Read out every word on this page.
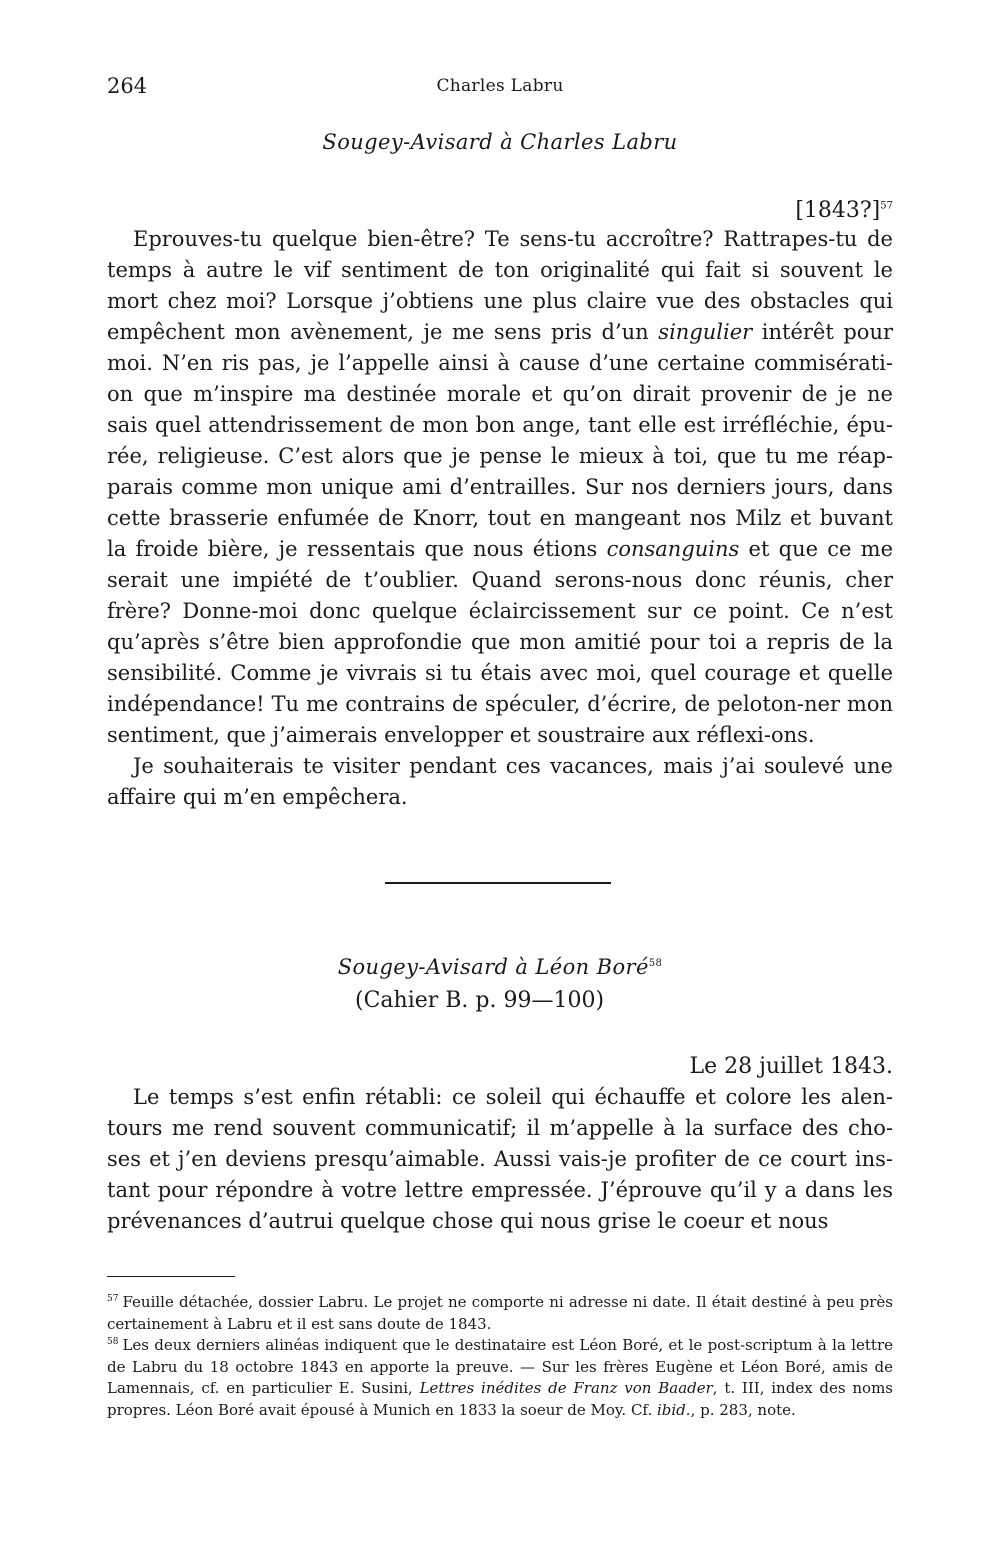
264	Charles Labru
Sougey-Avisard à Charles Labru
[1843?]$^{57}$

Eprouves-tu quelque bien-être? Te sens-tu accroître? Rattrapes-tu de temps à autre le vif sentiment de ton originalité qui fait si souvent le mort chez moi? Lorsque j’obtiens une plus claire vue des obstacles qui empêchent mon avènement, je me sens pris d’un singulier intérêt pour moi. N’en ris pas, je l’appelle ainsi à cause d’une certaine commisérati-on que m’inspire ma destinée morale et qu’on dirait provenir de je ne sais quel attendrissement de mon bon ange, tant elle est irréfléchie, épu-rée, religieuse. C’est alors que je pense le mieux à toi, que tu me réap-parais comme mon unique ami d’entrailles. Sur nos derniers jours, dans cette brasserie enfumée de Knorr, tout en mangeant nos Milz et buvant la froide bière, je ressentais que nous étions consanguins et que ce me serait une impiété de t’oublier. Quand serons-nous donc réunis, cher frère? Donne-moi donc quelque éclaircissement sur ce point. Ce n’est qu’après s’être bien approfondie que mon amitié pour toi a repris de la sensibilité. Comme je vivrais si tu étais avec moi, quel courage et quelle indépendance! Tu me contrains de spéculer, d’écrire, de peloton-ner mon sentiment, que j’aimerais envelopper et soustraire aux réflexi-ons.

Je souhaiterais te visiter pendant ces vacances, mais j’ai soulevé une affaire qui m’en empêchera.

Sougey-Avisard à Léon Boré$^{58}$
(Cahier B. p. 99—100)
Le 28 juillet 1843.

Le temps s’est enfin rétabli: ce soleil qui échauffe et colore les alen-tours me rend souvent communicatif; il m’appelle à la surface des cho-ses et j’en deviens presqu’aimable. Aussi vais-je profiter de ce court ins-tant pour répondre à votre lettre empressée. J’éprouve qu’il y a dans les prévenances d’autrui quelque chose qui nous grise le coeur et nous

$^{57}$ Feuille détachée, dossier Labru. Le projet ne comporte ni adresse ni date. Il était destiné à peu près certainement à Labru et il est sans doute de 1843.

$^{58}$ Les deux derniers alinéas indiquent que le destinataire est Léon Boré, et le post-scriptum à la lettre de Labru du 18 octobre 1843 en apporte la preuve. — Sur les frères Eugène et Léon Boré, amis de Lamennais, cf. en particulier E. Susini, Lettres inédites de Franz von Baader, t. III, index des noms propres. Léon Boré avait épousé à Munich en 1833 la soeur de Moy. Cf. ibid., p. 283, note.
